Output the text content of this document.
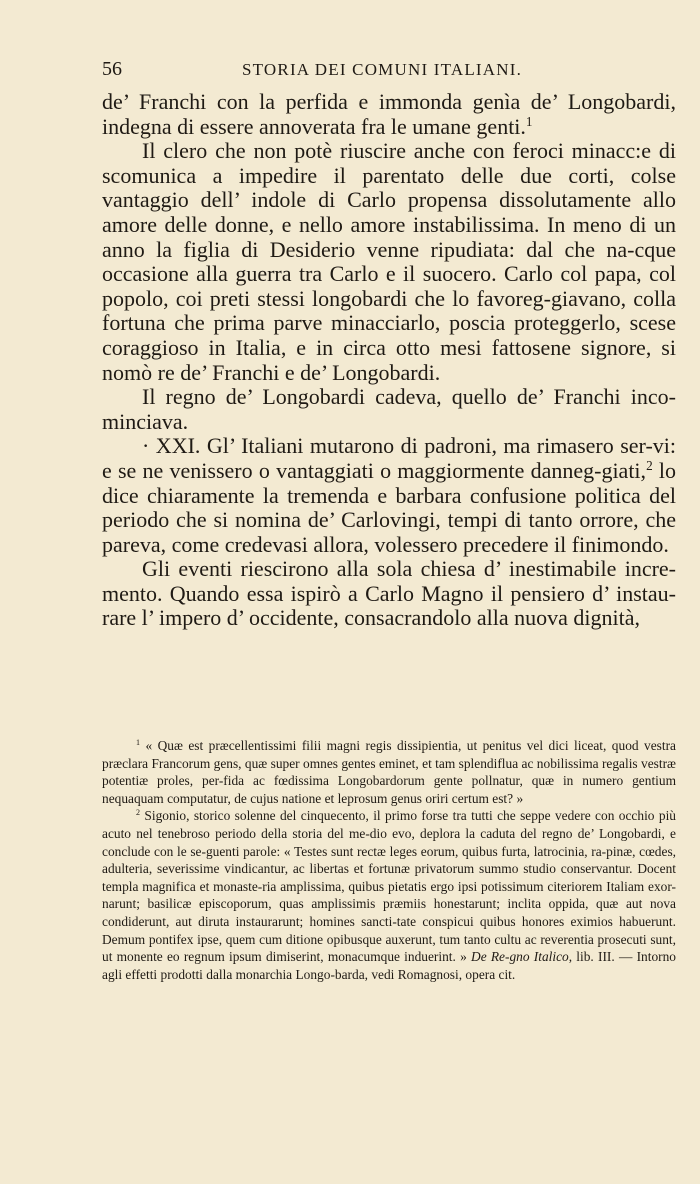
56	STORIA DEI COMUNI ITALIANI.

de’ Franchi con la perfida e immonda genìa de’ Longobardi, indegna di essere annoverata fra le umane genti.$^1$

Il clero che non potè riuscire anche con feroci minacc:e di scomunica a impedire il parentato delle due corti, colse vantaggio dell’ indole di Carlo propensa dissolutamente allo amore delle donne, e nello amore instabilissima. In meno di un anno la figlia di Desiderio venne ripudiata: dal che na-cque occasione alla guerra tra Carlo e il suocero. Carlo col papa, col popolo, coi preti stessi longobardi che lo favoreg-giavano, colla fortuna che prima parve minacciarlo, poscia proteggerlo, scese coraggioso in Italia, e in circa otto mesi fattosene signore, si nomò re de’ Franchi e de’ Longobardi.

Il regno de’ Longobardi cadeva, quello de’ Franchi inco-minciava.

· XXI. Gl’ Italiani mutarono di padroni, ma rimasero ser-vi: e se ne venissero o vantaggiati o maggiormente danneg-giati,$^2$ lo dice chiaramente la tremenda e barbara confusione politica del periodo che si nomina de’ Carlovingi, tempi di tanto orrore, che pareva, come credevasi allora, volessero precedere il finimondo.

Gli eventi riescirono alla sola chiesa d’ inestimabile incre-mento. Quando essa ispirò a Carlo Magno il pensiero d’ instau-rare l’ impero d’ occidente, consacrandolo alla nuova dignità,

$^1$ « Quæ est præcellentissimi filii magni regis dissipientia, ut penitus vel dici liceat, quod vestra præclara Francorum gens, quæ super omnes gentes eminet, et tam splendiflua ac nobilissima regalis vestræ potentiæ proles, per-fida ac fœdissima Longobardorum gente pollnatur, quæ in numero gentium nequaquam computatur, de cujus natione et leprosum genus oriri certum est? »

$^2$ Sigonio, storico solenne del cinquecento, il primo forse tra tutti che seppe vedere con occhio più acuto nel tenebroso periodo della storia del me-dio evo, deplora la caduta del regno de’ Longobardi, e conclude con le se-guenti parole: « Testes sunt rectæ leges eorum, quibus furta, latrocinia, ra-pinæ, cœdes, adulteria, severissime vindicantur, ac libertas et fortunæ privatorum summo studio conservantur. Docent templa magnifica et monaste-ria amplissima, quibus pietatis ergo ipsi potissimum citeriorem Italiam exor-narunt; basilicæ episcoporum, quas amplissimis præmiis honestarunt; inclita oppida, quæ aut nova condiderunt, aut diruta instaurarunt; homines sancti-tate conspicui quibus honores eximios habuerunt. Demum pontifex ipse, quem cum ditione opibusque auxerunt, tum tanto cultu ac reverentia prosecuti sunt, ut monente eo regnum ipsum dimiserint, monacumque induerint. » De Re-gno Italico, lib. III. — Intorno agli effetti prodotti dalla monarchia Longo-barda, vedi Romagnosi, opera cit.
